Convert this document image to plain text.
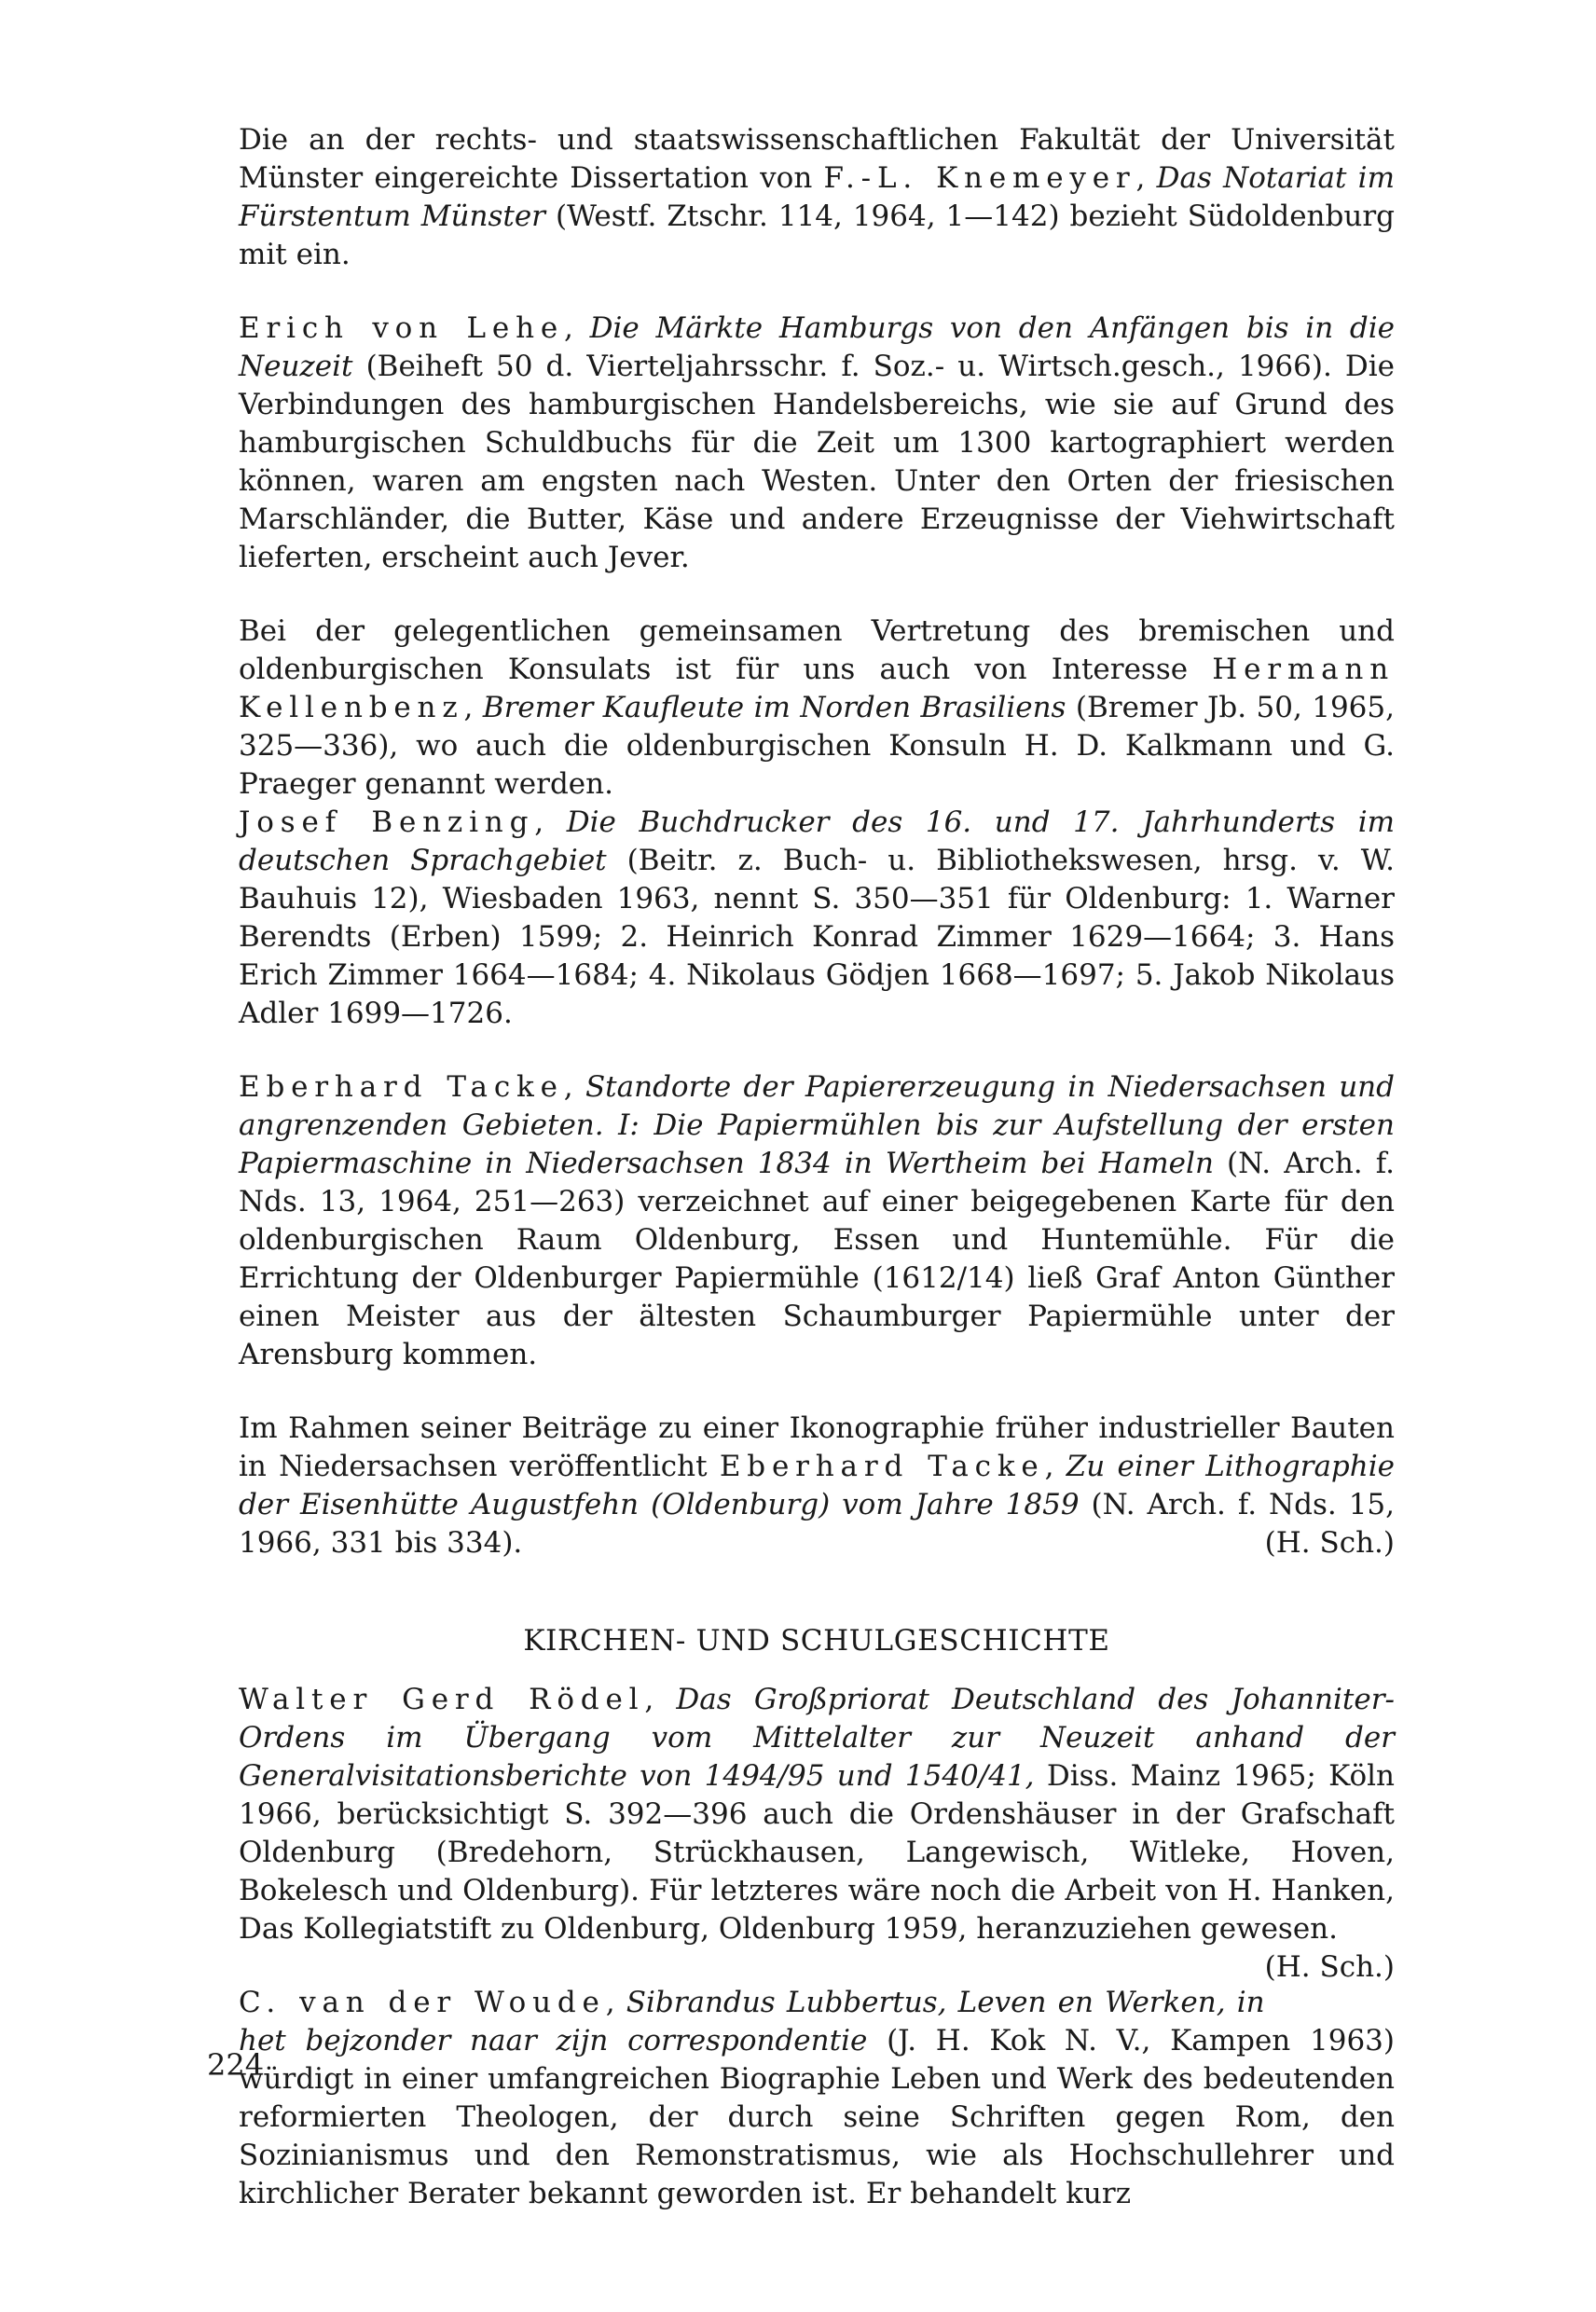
Die an der rechts- und staatswissenschaftlichen Fakultät der Universität Münster eingereichte Dissertation von F.-L. Knemeyer, Das Notariat im Fürstentum Münster (Westf. Ztschr. 114, 1964, 1—142) bezieht Südoldenburg mit ein.

Erich von Lehe, Die Märkte Hamburgs von den Anfängen bis in die Neuzeit (Beiheft 50 d. Vierteljahrsschr. f. Soz.- u. Wirtsch.gesch., 1966). Die Verbindungen des hamburgischen Handelsbereichs, wie sie auf Grund des hamburgischen Schuldbuchs für die Zeit um 1300 kartographiert werden können, waren am engsten nach Westen. Unter den Orten der friesischen Marschländer, die Butter, Käse und andere Erzeugnisse der Viehwirtschaft lieferten, erscheint auch Jever.

Bei der gelegentlichen gemeinsamen Vertretung des bremischen und oldenburgischen Konsulats ist für uns auch von Interesse Hermann Kellenbenz, Bremer Kaufleute im Norden Brasiliens (Bremer Jb. 50, 1965, 325—336), wo auch die oldenburgischen Konsuln H. D. Kalkmann und G. Praeger genannt werden.

Josef Benzing, Die Buchdrucker des 16. und 17. Jahrhunderts im deutschen Sprachgebiet (Beitr. z. Buch- u. Bibliothekswesen, hrsg. v. W. Bauhuis 12), Wiesbaden 1963, nennt S. 350—351 für Oldenburg: 1. Warner Berendts (Erben) 1599; 2. Heinrich Konrad Zimmer 1629—1664; 3. Hans Erich Zimmer 1664—1684; 4. Nikolaus Gödjen 1668—1697; 5. Jakob Nikolaus Adler 1699—1726.

Eberhard Tacke, Standorte der Papiererzeugung in Niedersachsen und angrenzenden Gebieten. I: Die Papiermühlen bis zur Aufstellung der ersten Papiermaschine in Niedersachsen 1834 in Wertheim bei Hameln (N. Arch. f. Nds. 13, 1964, 251—263) verzeichnet auf einer beigegebenen Karte für den oldenburgischen Raum Oldenburg, Essen und Huntemühle. Für die Errichtung der Oldenburger Papiermühle (1612/14) ließ Graf Anton Günther einen Meister aus der ältesten Schaumburger Papiermühle unter der Arensburg kommen.

Im Rahmen seiner Beiträge zu einer Ikonographie früher industrieller Bauten in Niedersachsen veröffentlicht Eberhard Tacke, Zu einer Lithographie der Eisenhütte Augustfehn (Oldenburg) vom Jahre 1859 (N. Arch. f. Nds. 15, 1966, 331 bis 334).	(H. Sch.)

KIRCHEN- UND SCHULGESCHICHTE

Walter Gerd Rödel, Das Großpriorat Deutschland des Johanniter-Ordens im Übergang vom Mittelalter zur Neuzeit anhand der Generalvisitationsberichte von 1494/95 und 1540/41, Diss. Mainz 1965; Köln 1966, berücksichtigt S. 392—396 auch die Ordenshäuser in der Grafschaft Oldenburg (Bredehorn, Strückhausen, Langewisch, Witleke, Hoven, Bokelesch und Oldenburg). Für letzteres wäre noch die Arbeit von H. Hanken, Das Kollegiatstift zu Oldenburg, Oldenburg 1959, heranzuziehen gewesen.
(H. Sch.)

C. van der Woude, Sibrandus Lubbertus, Leven en Werken, in het bejzonder naar zijn correspondentie (J. H. Kok N. V., Kampen 1963) würdigt in einer umfangreichen Biographie Leben und Werk des bedeutenden reformierten Theologen, der durch seine Schriften gegen Rom, den Sozinianismus und den Remonstratismus, wie als Hochschullehrer und kirchlicher Berater bekannt geworden ist. Er behandelt kurz

224
